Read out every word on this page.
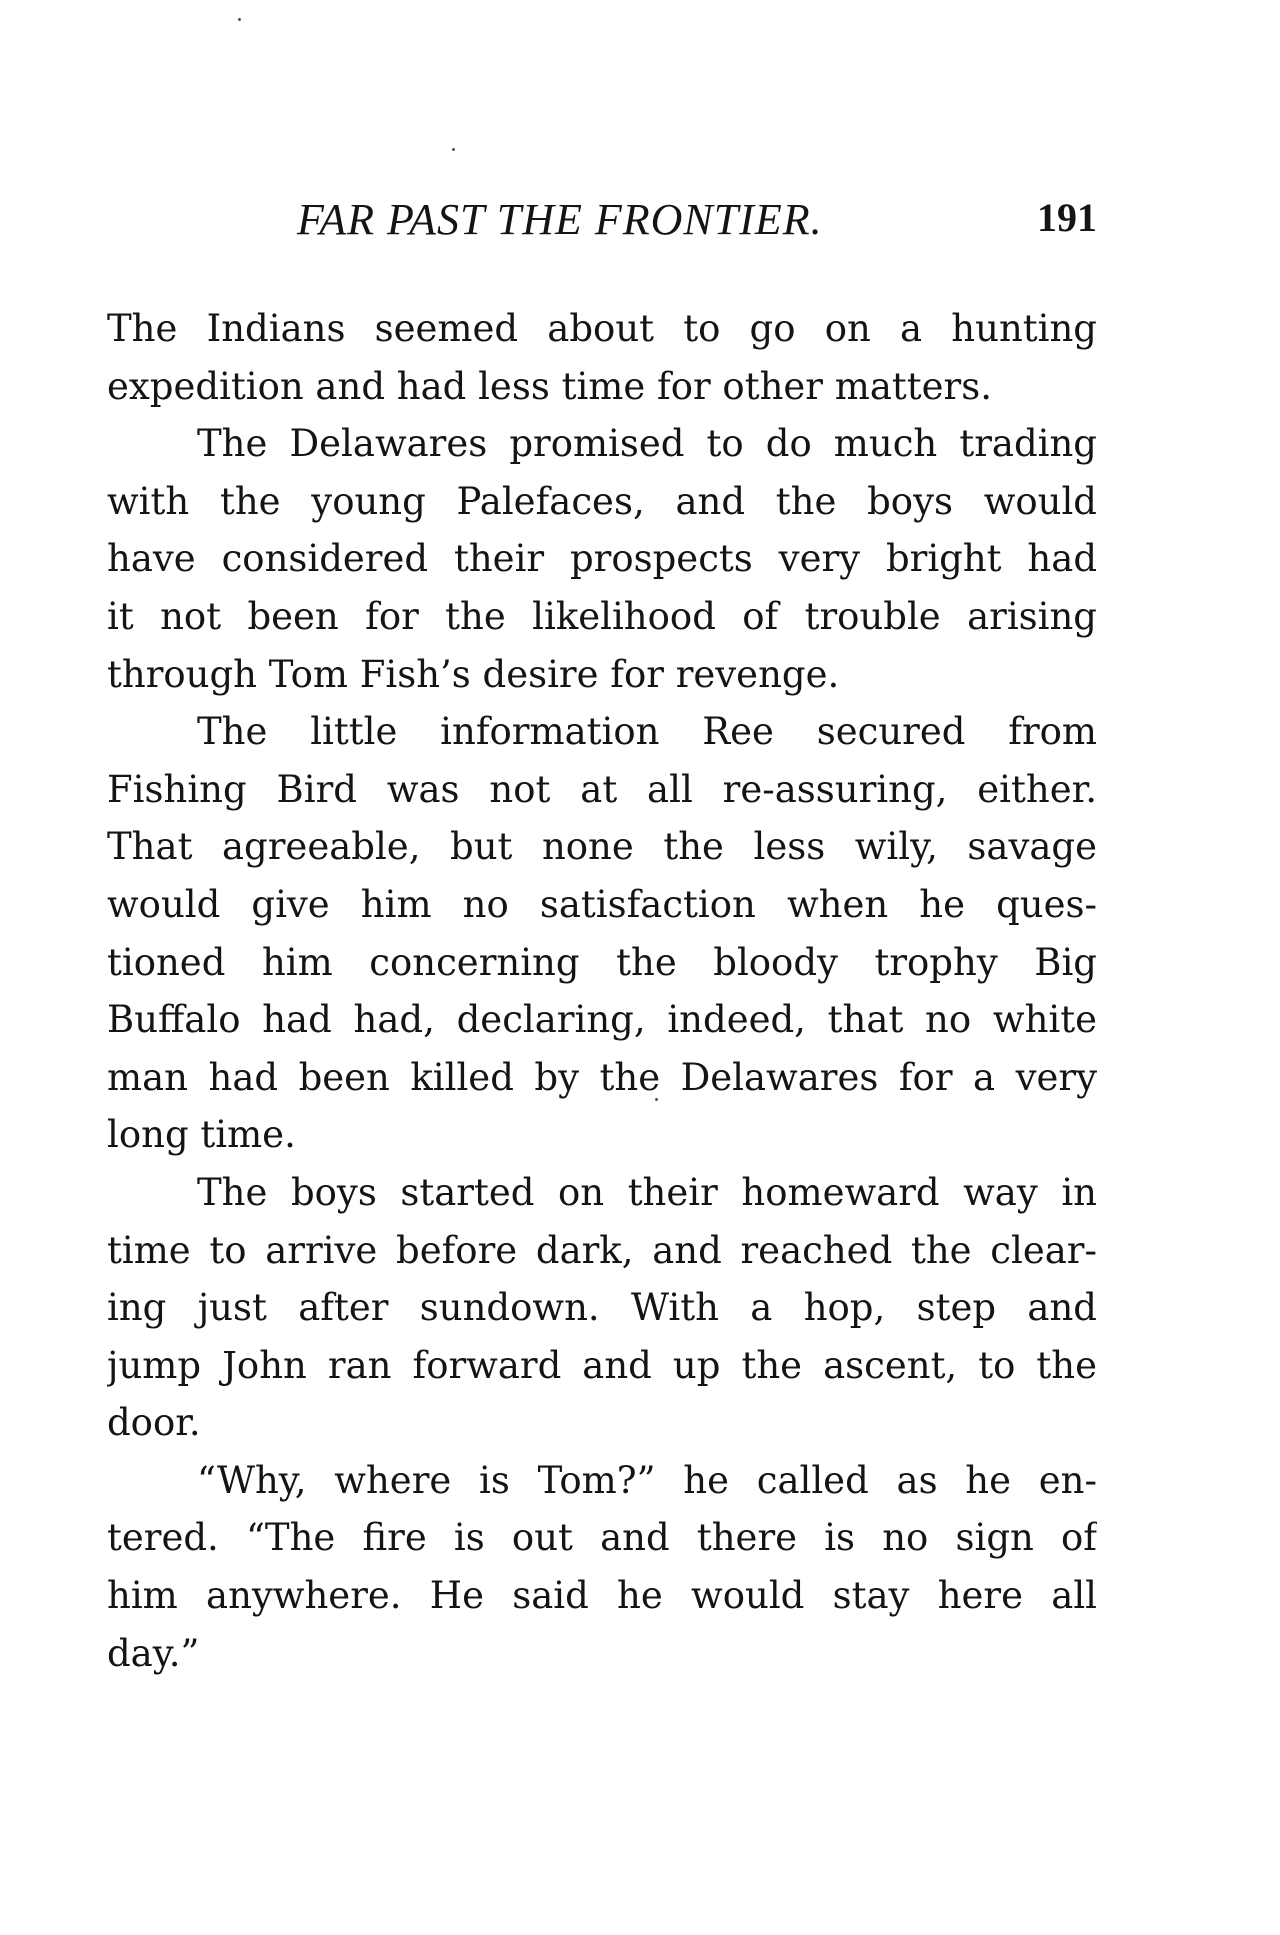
FAR PAST THE FRONTIER.	191
The Indians seemed about to go on a hunting
expedition and had less time for other matters.
The Delawares promised to do much trading
with the young Palefaces, and the boys would
have considered their prospects very bright had
it not been for the likelihood of trouble arising
through Tom Fish’s desire for revenge.
The little information Ree secured from
Fishing Bird was not at all re-assuring, either.
That agreeable, but none the less wily, savage
would give him no satisfaction when he ques-
tioned him concerning the bloody trophy Big
Buffalo had had, declaring, indeed, that no white
man had been killed by the Delawares for a very
long time.
The boys started on their homeward way in
time to arrive before dark, and reached the clear-
ing just after sundown. With a hop, step and
jump John ran forward and up the ascent, to the
door.
“Why, where is Tom?” he called as he en-
tered. “The fire is out and there is no sign of
him anywhere. He said he would stay here all
day.”
